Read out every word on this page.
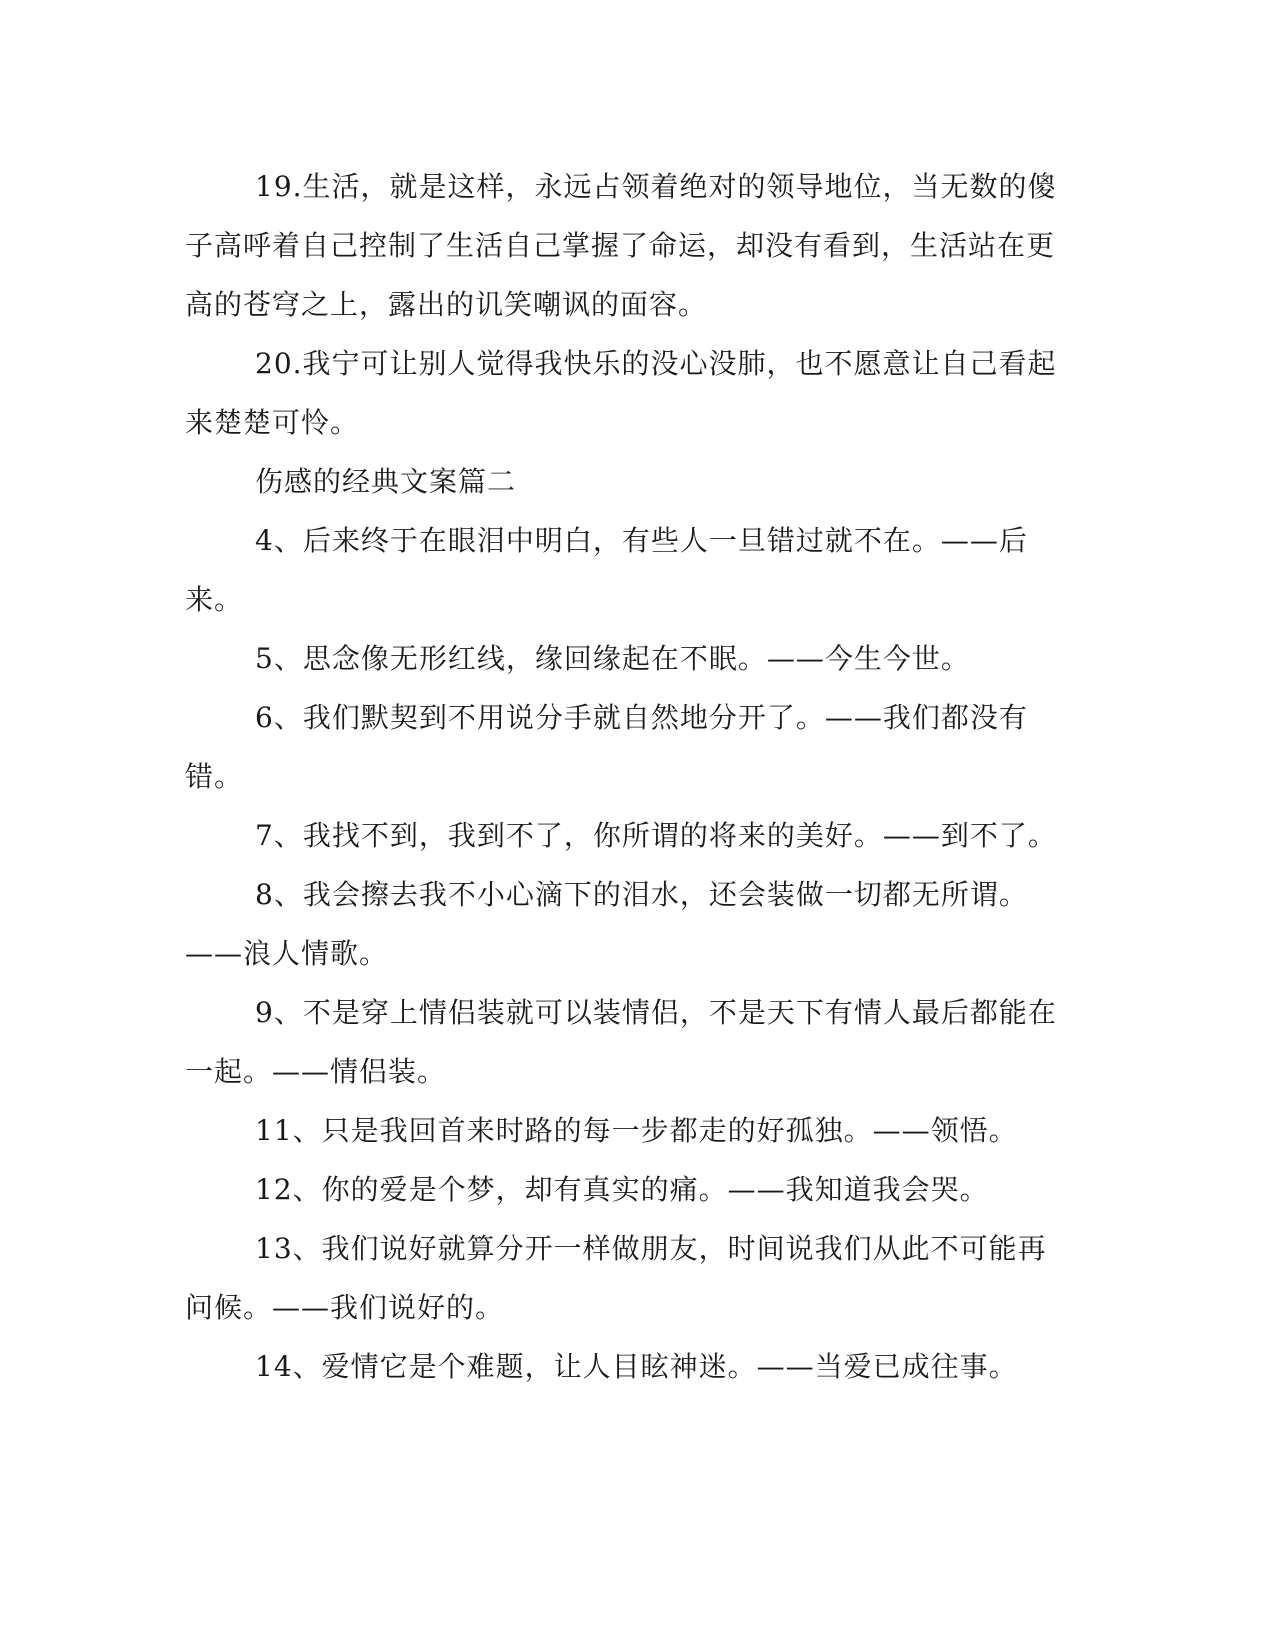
19.生活，就是这样，永远占领着绝对的领导地位，当无数的傻子高呼着自己控制了生活自己掌握了命运，却没有看到，生活站在更高的苍穹之上，露出的讥笑嘲讽的面容。

20.我宁可让别人觉得我快乐的没心没肺，也不愿意让自己看起来楚楚可怜。

伤感的经典文案篇二

4、后来终于在眼泪中明白，有些人一旦错过就不在。——后来。

5、思念像无形红线，缘回缘起在不眠。——今生今世。

6、我们默契到不用说分手就自然地分开了。——我们都没有错。

7、我找不到，我到不了，你所谓的将来的美好。——到不了。

8、我会擦去我不小心滴下的泪水，还会装做一切都无所谓。——浪人情歌。

9、不是穿上情侣装就可以装情侣，不是天下有情人最后都能在一起。——情侣装。

11、只是我回首来时路的每一步都走的好孤独。——领悟。

12、你的爱是个梦，却有真实的痛。——我知道我会哭。

13、我们说好就算分开一样做朋友，时间说我们从此不可能再问候。——我们说好的。

14、爱情它是个难题，让人目眩神迷。——当爱已成往事。
